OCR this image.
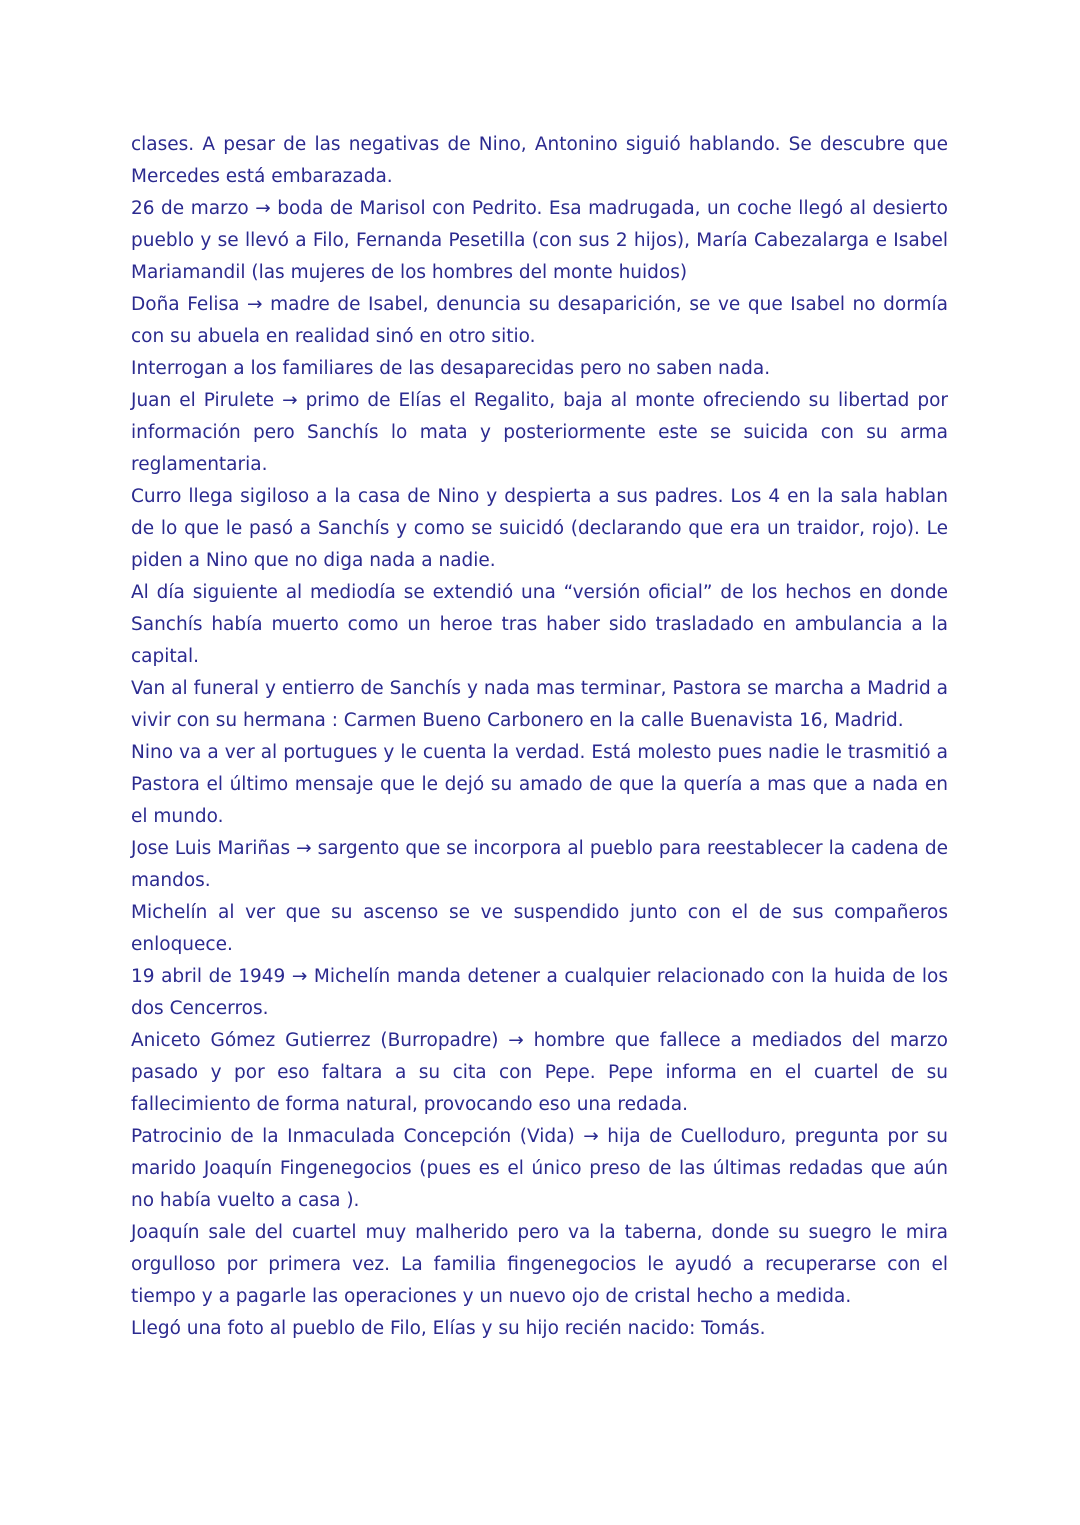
clases. A pesar de las negativas de Nino, Antonino siguió hablando. Se descubre que Mercedes está embarazada.

26 de marzo → boda de Marisol con Pedrito. Esa madrugada, un coche llegó al desierto pueblo y se llevó a Filo, Fernanda Pesetilla (con sus 2 hijos), María Cabezalarga e Isabel Mariamandil (las mujeres de los hombres del monte huidos)

Doña Felisa → madre de Isabel, denuncia su desaparición, se ve que Isabel no dormía con su abuela en realidad sinó en otro sitio.

Interrogan a los familiares de las desaparecidas pero no saben nada.

Juan el Pirulete → primo de Elías el Regalito, baja al monte ofreciendo su libertad por información pero Sanchís lo mata y posteriormente este se suicida con su arma reglamentaria.

Curro llega sigiloso a la casa de Nino y despierta a sus padres. Los 4 en la sala hablan de lo que le pasó a Sanchís y como se suicidó (declarando que era un traidor, rojo). Le piden a Nino que no diga nada a nadie.

Al día siguiente al mediodía se extendió una “versión oficial” de los hechos en donde Sanchís había muerto como un heroe tras haber sido trasladado en ambulancia a la capital.

Van al funeral y entierro de Sanchís y nada mas terminar, Pastora se marcha a Madrid a vivir con su hermana : Carmen Bueno Carbonero en la calle Buenavista 16, Madrid.

Nino va a ver al portugues y le cuenta la verdad. Está molesto pues nadie le trasmitió a Pastora el último mensaje que le dejó su amado de que la quería a mas que a nada en el mundo.

Jose Luis Mariñas → sargento que se incorpora al pueblo para reestablecer la cadena de mandos.

Michelín al ver que su ascenso se ve suspendido junto con el de sus compañeros enloquece.

19 abril de 1949 → Michelín manda detener a cualquier relacionado con la huida de los dos Cencerros.

Aniceto Gómez Gutierrez (Burropadre) → hombre que fallece a mediados del marzo pasado y por eso faltara a su cita con Pepe. Pepe informa en el cuartel de su fallecimiento de forma natural, provocando eso una redada.

Patrocinio de la Inmaculada Concepción (Vida) → hija de Cuelloduro, pregunta por su marido Joaquín Fingenegocios (pues es el único preso de las últimas redadas que aún no había vuelto a casa ).

Joaquín sale del cuartel muy malherido pero va la taberna, donde su suegro le mira orgulloso por primera vez. La familia fingenegocios le ayudó a recuperarse con el tiempo y a pagarle las operaciones y un nuevo ojo de cristal hecho a medida.

Llegó una foto al pueblo de Filo, Elías y su hijo recién nacido: Tomás.
